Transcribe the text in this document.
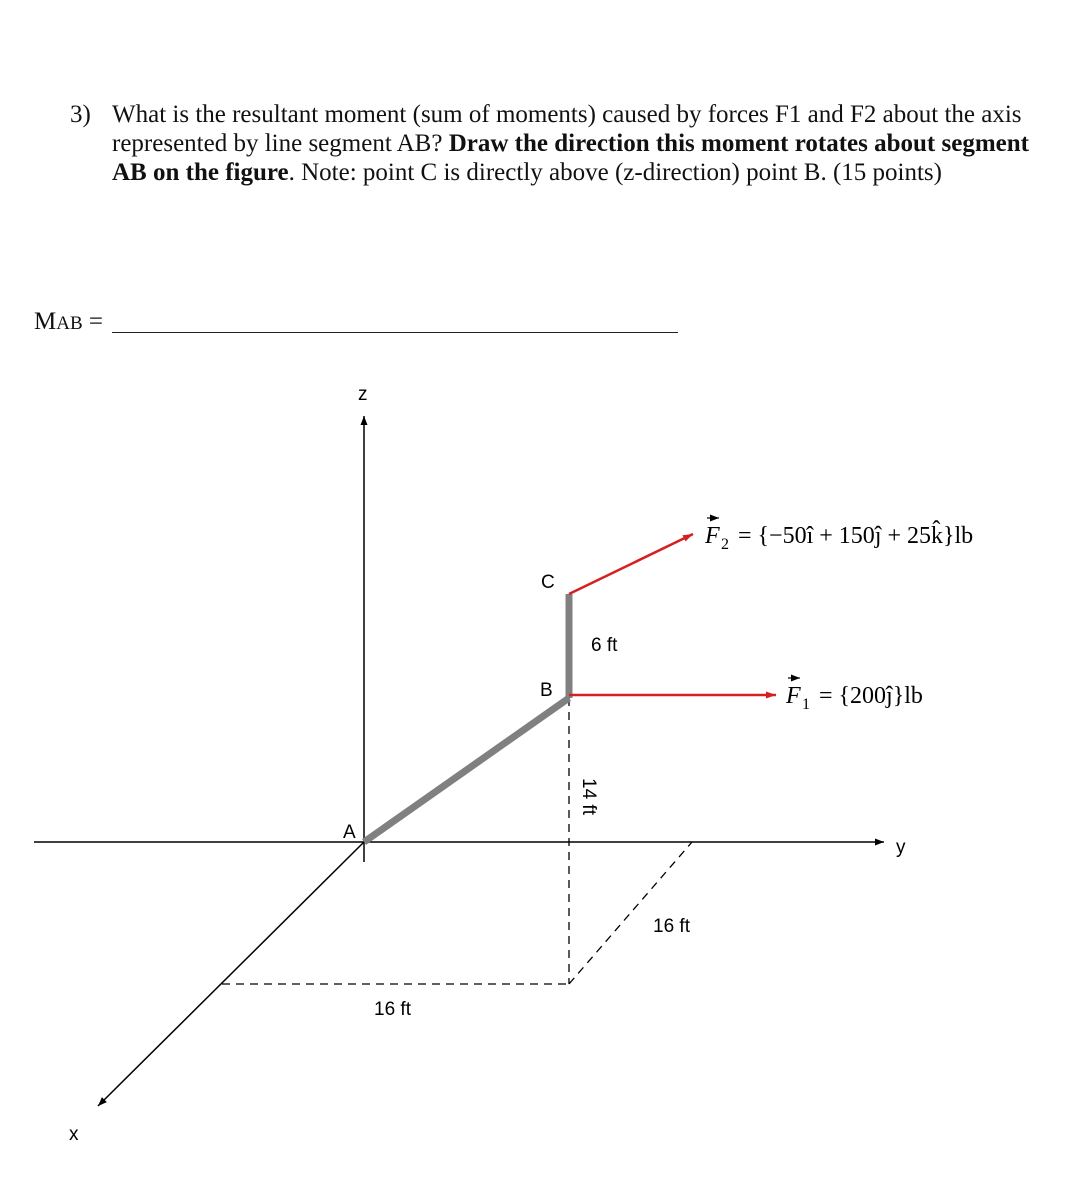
3) What is the resultant moment (sum of moments) caused by forces F1 and F2 about the axis represented by line segment AB? Draw the direction this moment rotates about segment AB on the figure. Note: point C is directly above (z-direction) point B. (15 points)
MAB =
z
y
x
A
B
C
6 ft
14 ft
16 ft
16 ft
F 2 = {−50î + 150ĵ + 25k̂}lb
F 1 = {200ĵ}lb
